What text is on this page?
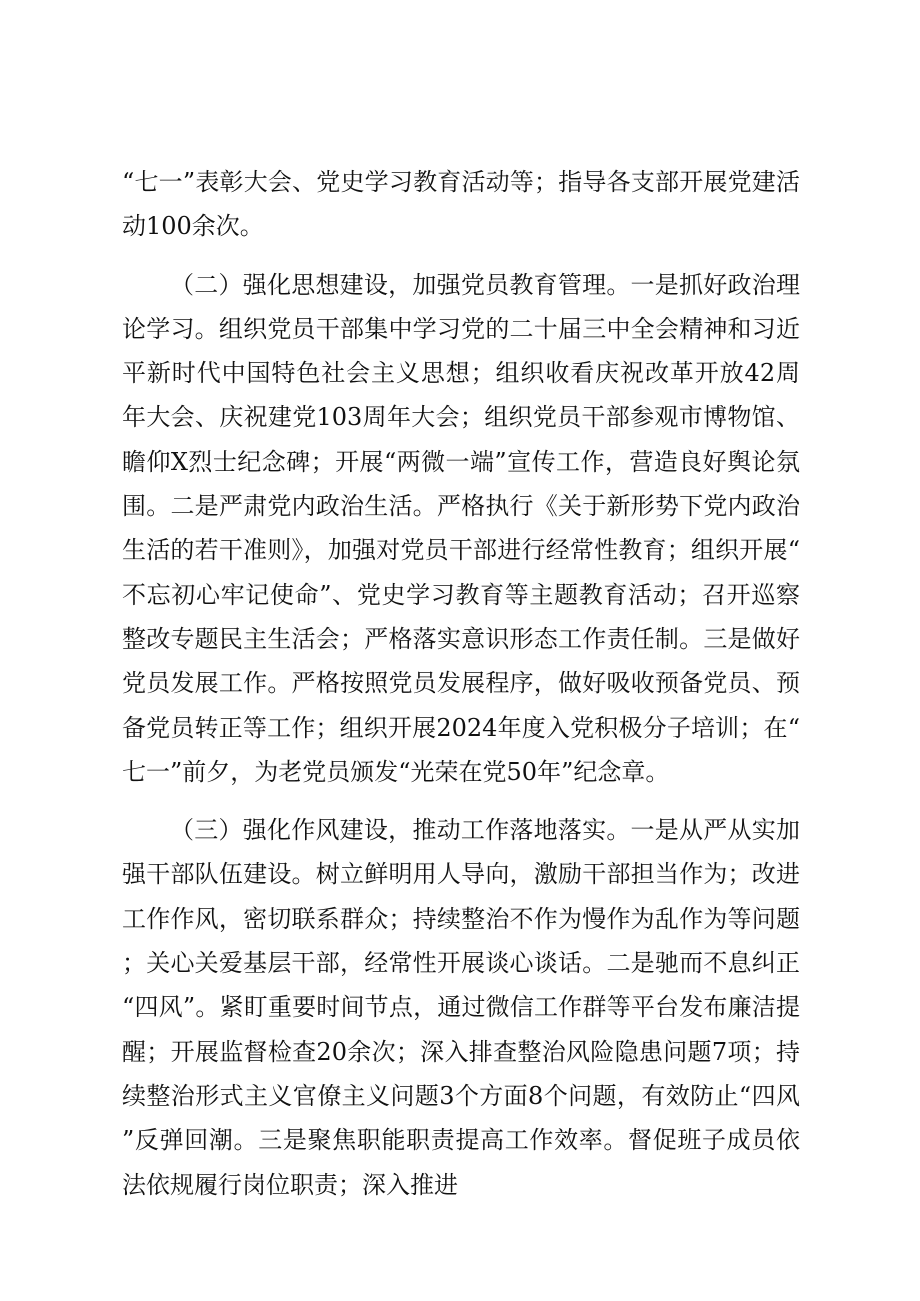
“七一”表彰大会、党史学习教育活动等；指导各支部开展党建活动100余次。

（二）强化思想建设，加强党员教育管理。一是抓好政治理论学习。组织党员干部集中学习党的二十届三中全会精神和习近平新时代中国特色社会主义思想；组织收看庆祝改革开放42周年大会、庆祝建党103周年大会；组织党员干部参观市博物馆、瞻仰X烈士纪念碑；开展“两微一端”宣传工作，营造良好舆论氛围。二是严肃党内政治生活。严格执行《关于新形势下党内政治生活的若干准则》，加强对党员干部进行经常性教育；组织开展“不忘初心牢记使命”、党史学习教育等主题教育活动；召开巡察整改专题民主生活会；严格落实意识形态工作责任制。三是做好党员发展工作。严格按照党员发展程序，做好吸收预备党员、预备党员转正等工作；组织开展2024年度入党积极分子培训；在“七一”前夕，为老党员颁发“光荣在党50年”纪念章。

（三）强化作风建设，推动工作落地落实。一是从严从实加强干部队伍建设。树立鲜明用人导向，激励干部担当作为；改进工作作风，密切联系群众；持续整治不作为慢作为乱作为等问题；关心关爱基层干部，经常性开展谈心谈话。二是驰而不息纠正“四风”。紧盯重要时间节点，通过微信工作群等平台发布廉洁提醒；开展监督检查20余次；深入排查整治风险隐患问题7项；持续整治形式主义官僚主义问题3个方面8个问题，有效防止“四风”反弹回潮。三是聚焦职能职责提高工作效率。督促班子成员依法依规履行岗位职责；深入推进
